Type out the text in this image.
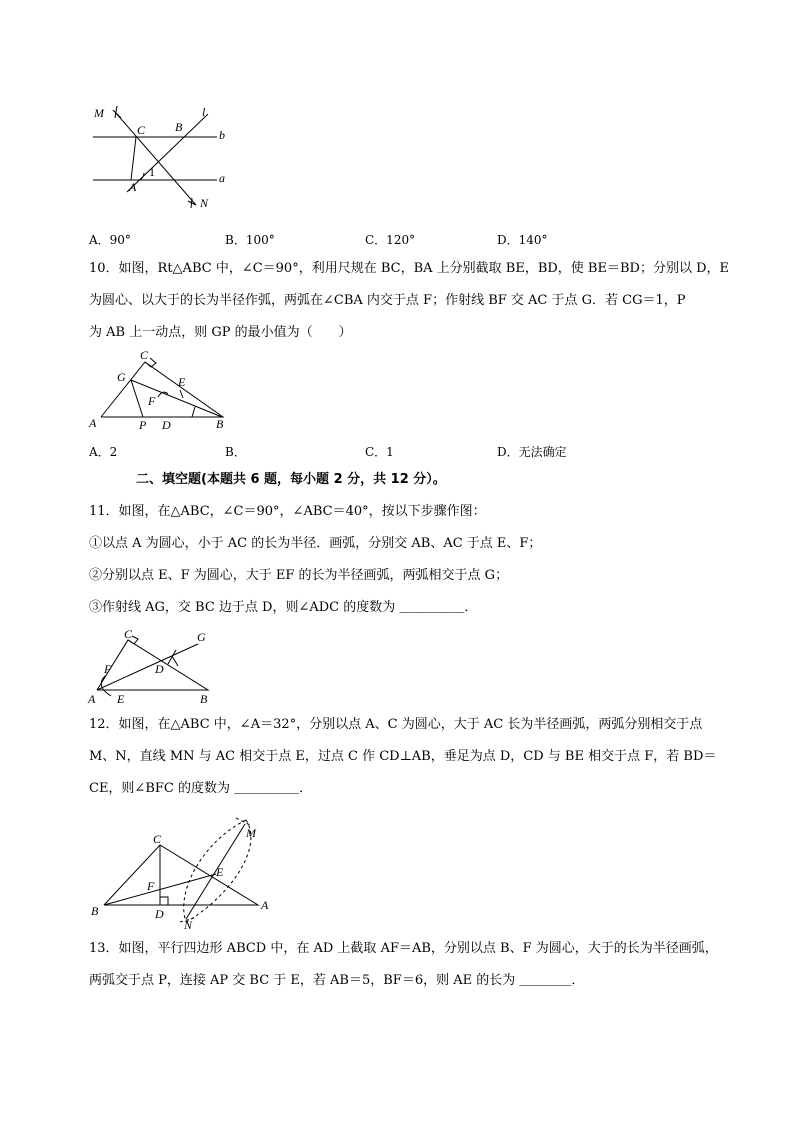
M
C B
l
b
A
1	a
N
A．90°	B．100°	C．120°	D．140°
10．如图，Rt△ABC 中，∠C＝90°，利用尺规在 BC，BA 上分别截取 BE，BD，使 BE＝BD；分别以 D，E
为圆心、以大于的长为半径作弧，两弧在∠CBA 内交于点 F；作射线 BF 交 AC 于点 G．若 CG＝1，P
为 AB 上一动点，则 GP 的最小值为（　　）
C
G	E
F
A	P D	B
A．2	B．	C．1	D．无法确定
二、填空题(本题共 6 题，每小题 2 分，共 12 分）。
11．如图，在△ABC，∠C＝90°，∠ABC＝40°，按以下步骤作图：
①以点 A 为圆心，小于 AC 的长为半径．画弧，分别交 AB、AC 于点 E、F；
②分别以点 E、F 为圆心，大于 EF 的长为半径画弧，两弧相交于点 G；
③作射线 AG，交 BC 边于点 D，则∠ADC 的度数为 ＿＿＿＿＿．
C	G
F	D
A E	B
12．如图，在△ABC 中，∠A＝32°，分别以点 A、C 为圆心，大于 AC 长为半径画弧，两弧分别相交于点
M、N，直线 MN 与 AC 相交于点 E，过点 C 作 CD⊥AB，垂足为点 D，CD 与 BE 相交于点 F，若 BD＝
CE，则∠BFC 的度数为 ＿＿＿＿＿．
C	M
F
E
B	D
A
N
13．如图，平行四边形 ABCD 中，在 AD 上截取 AF＝AB，分别以点 B、F 为圆心，大于的长为半径画弧，
两弧交于点 P，连接 AP 交 BC 于 E，若 AB＝5，BF＝6，则 AE 的长为 ＿＿＿＿．
